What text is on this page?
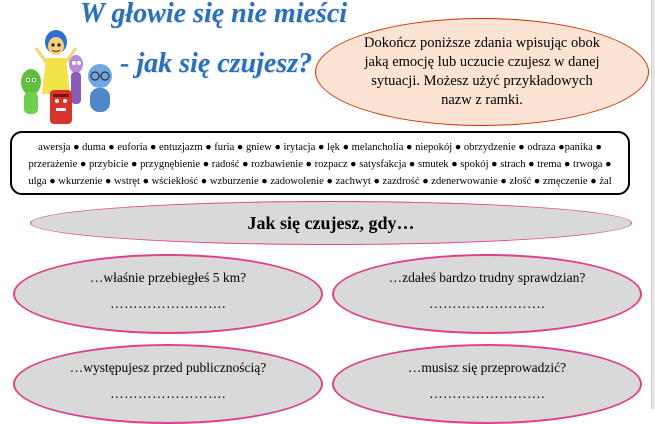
W głowie się nie mieści
- jak się czujesz?
Dokończ poniższe zdania wpisując obok jaką emocję lub uczucie czujesz w danej sytuacji. Możesz użyć przykładowych nazw z ramki.
awersja ● duma ● euforia ● entuzjazm ● furia ● gniew ● irytacja ● lęk ● melancholia ● niepokój ● obrzydzenie ● odraza ●panika ● przerażenie ● przybicie ● przygnębienie ● radość ● rozbawienie ● rozpacz ● satysfakcja ● smutek ● spokój ● strach ● trema ● trwoga ● ulga ● wkurzenie ● wstręt ● wściekłość ● wzburzenie ● zadowolenie ● zachwyt ● zazdrość ● zdenerwowanie ● złość ● zmęczenie ● żal
Jak się czujesz, gdy…
…właśnie przebiegłeś 5 km?
…………………….
…zdałeś bardzo trudny sprawdzian?
…………………….
…występujesz przed publicznością?
…………………….
…musisz się przeprowadzić?
…………………….
